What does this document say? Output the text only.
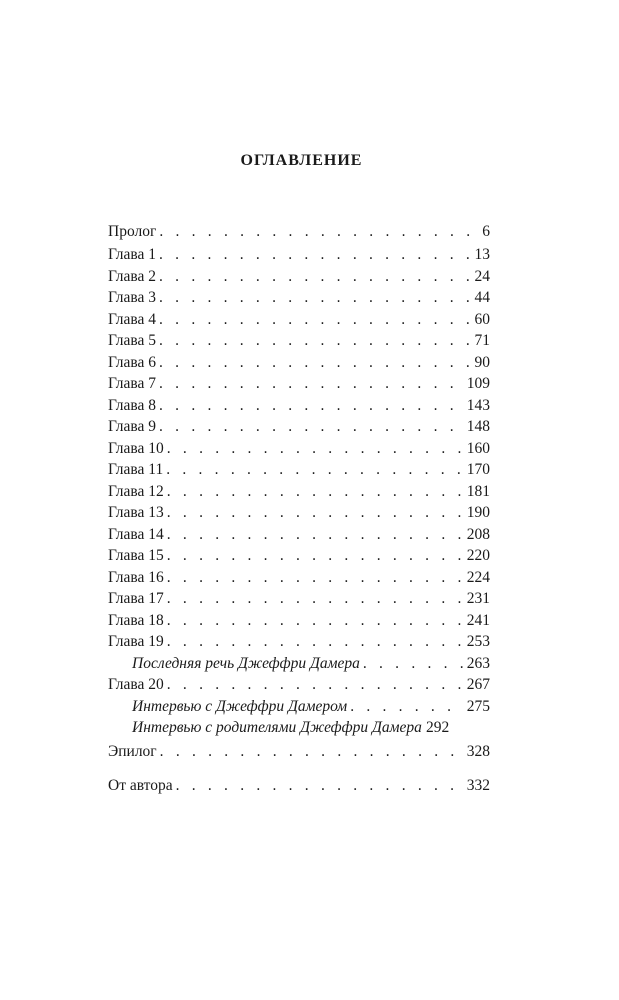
ОГЛАВЛЕНИЕ
Пролог . . .	6
Глава 1 . . .	13
Глава 2 . . .	24
Глава 3 . . .	44
Глава 4 . . .	60
Глава 5 . . .	71
Глава 6 . . .	90
Глава 7 . . .	109
Глава 8 . . .	143
Глава 9 . . .	148
Глава 10 . . .	160
Глава 11 . . .	170
Глава 12 . . .	181
Глава 13 . . .	190
Глава 14 . . .	208
Глава 15 . . .	220
Глава 16 . . .	224
Глава 17 . . .	231
Глава 18 . . .	241
Глава 19 . . .	253
Последняя речь Джеффри Дамера . . .	263
Глава 20 . . .	267
Интервью с Джеффри Дамером . . .	275
Интервью с родителями Джеффри Дамера 292
Эпилог . . .	328
От автора . . .	332
